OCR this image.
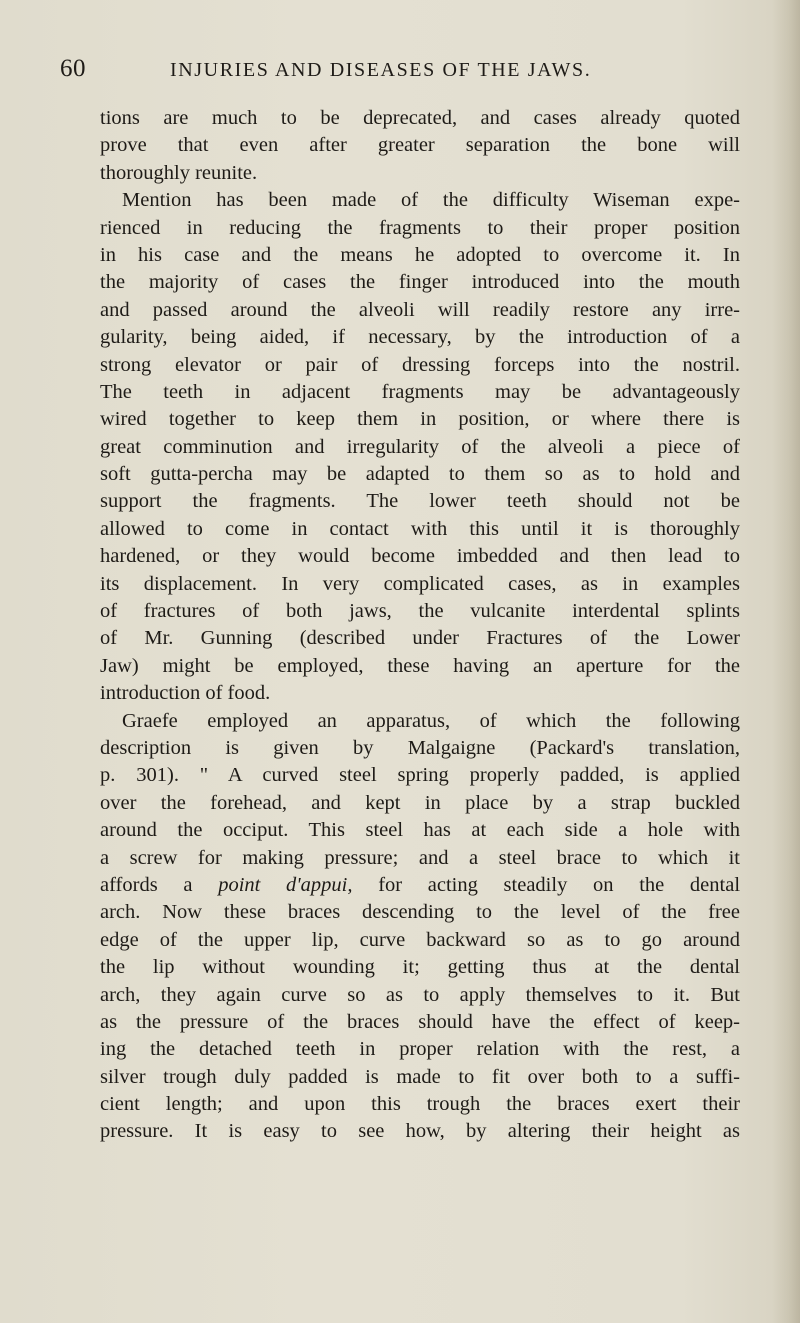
60	INJURIES AND DISEASES OF THE JAWS.
tions are much to be deprecated, and cases already quoted
prove that even after greater separation the bone will
thoroughly reunite.
Mention has been made of the difficulty Wiseman expe-
rienced in reducing the fragments to their proper position
in his case and the means he adopted to overcome it. In
the majority of cases the finger introduced into the mouth
and passed around the alveoli will readily restore any irre-
gularity, being aided, if necessary, by the introduction of a
strong elevator or pair of dressing forceps into the nostril.
The teeth in adjacent fragments may be advantageously
wired together to keep them in position, or where there is
great comminution and irregularity of the alveoli a piece of
soft gutta-percha may be adapted to them so as to hold and
support the fragments. The lower teeth should not be
allowed to come in contact with this until it is thoroughly
hardened, or they would become imbedded and then lead to
its displacement. In very complicated cases, as in examples
of fractures of both jaws, the vulcanite interdental splints
of Mr. Gunning (described under Fractures of the Lower
Jaw) might be employed, these having an aperture for the
introduction of food.
Graefe employed an apparatus, of which the following
description is given by Malgaigne (Packard's translation,
p. 301). " A curved steel spring properly padded, is applied
over the forehead, and kept in place by a strap buckled
around the occiput. This steel has at each side a hole with
a screw for making pressure; and a steel brace to which it
affords a point d'appui, for acting steadily on the dental
arch. Now these braces descending to the level of the free
edge of the upper lip, curve backward so as to go around
the lip without wounding it; getting thus at the dental
arch, they again curve so as to apply themselves to it. But
as the pressure of the braces should have the effect of keep-
ing the detached teeth in proper relation with the rest, a
silver trough duly padded is made to fit over both to a suffi-
cient length; and upon this trough the braces exert their
pressure. It is easy to see how, by altering their height as
